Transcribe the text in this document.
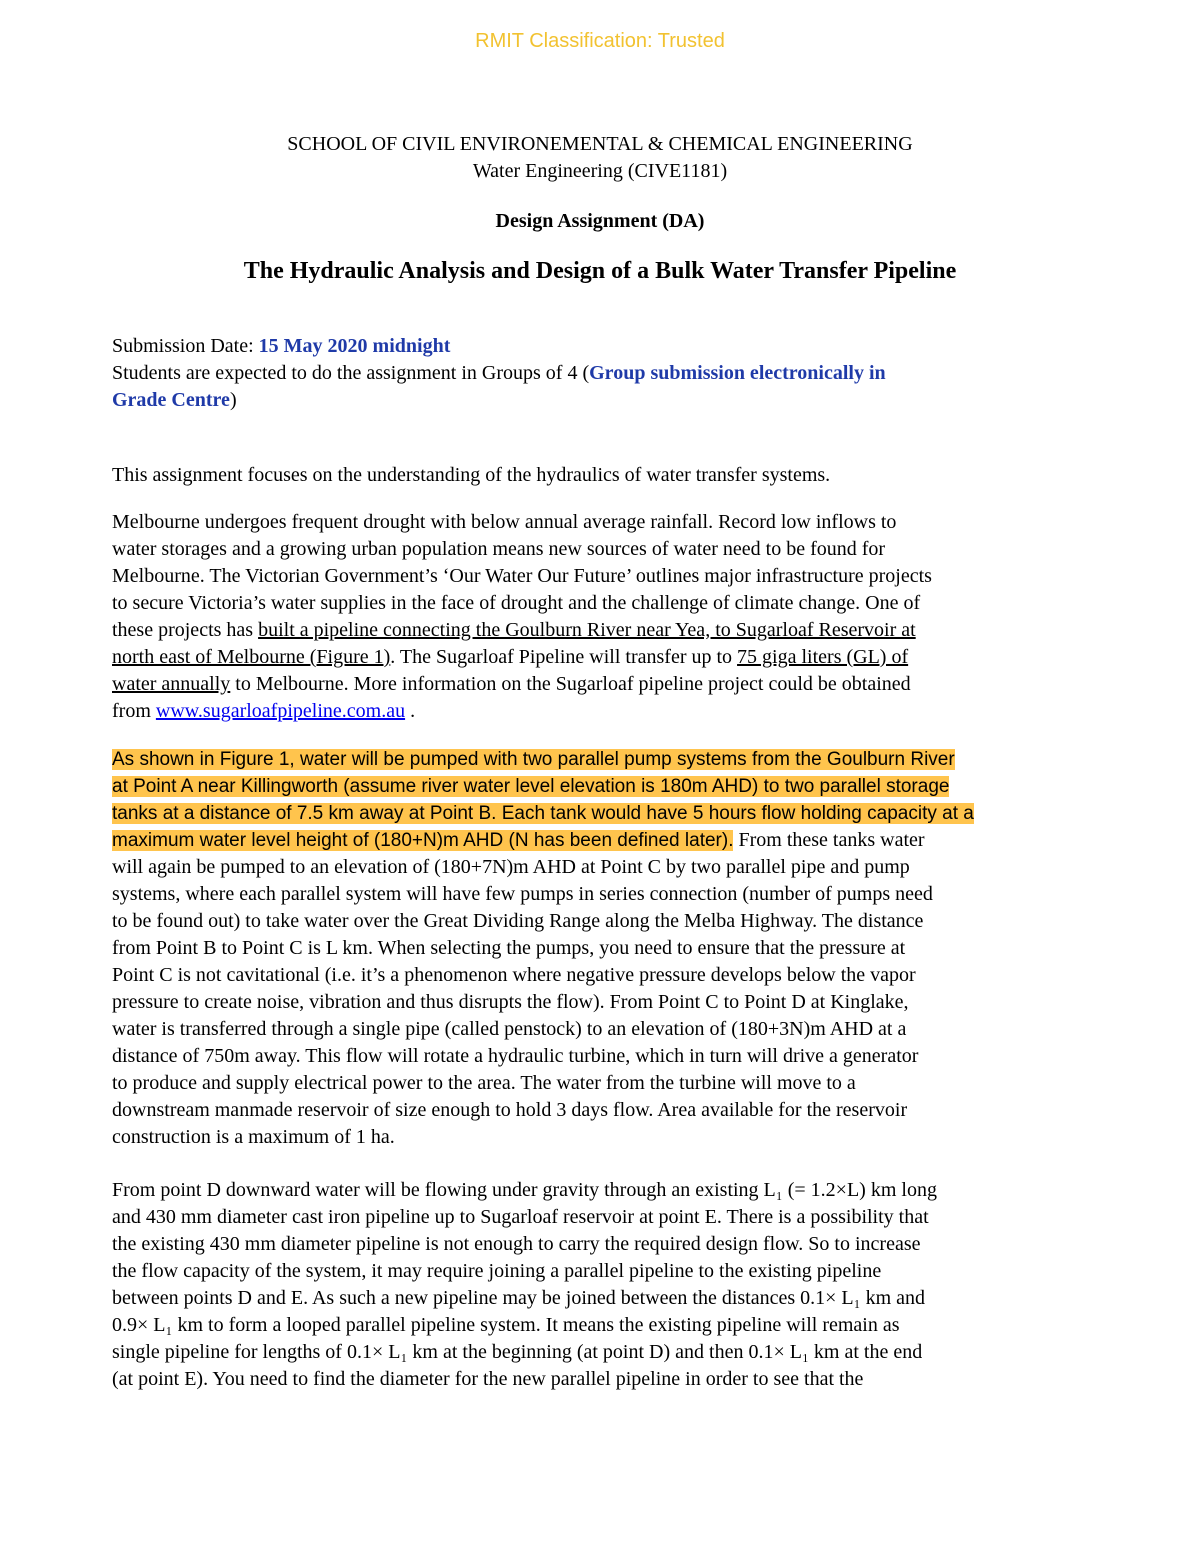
RMIT Classification: Trusted
SCHOOL OF CIVIL ENVIRONEMENTAL & CHEMICAL ENGINEERING
Water Engineering (CIVE1181)
Design Assignment (DA)
The Hydraulic Analysis and Design of a Bulk Water Transfer Pipeline
Submission Date: 15 May 2020 midnight
Students are expected to do the assignment in Groups of 4 (Group submission electronically in
Grade Centre)
This assignment focuses on the understanding of the hydraulics of water transfer systems.
Melbourne undergoes frequent drought with below annual average rainfall. Record low inflows to
water storages and a growing urban population means new sources of water need to be found for
Melbourne. The Victorian Government’s ‘Our Water Our Future’ outlines major infrastructure projects
to secure Victoria’s water supplies in the face of drought and the challenge of climate change. One of
these projects has built a pipeline connecting the Goulburn River near Yea, to Sugarloaf Reservoir at
north east of Melbourne (Figure 1). The Sugarloaf Pipeline will transfer up to 75 giga liters (GL) of
water annually to Melbourne. More information on the Sugarloaf pipeline project could be obtained
from www.sugarloafpipeline.com.au .
As shown in Figure 1, water will be pumped with two parallel pump systems from the Goulburn River
at Point A near Killingworth (assume river water level elevation is 180m AHD) to two parallel storage
tanks at a distance of 7.5 km away at Point B. Each tank would have 5 hours flow holding capacity at a
maximum water level height of (180+N)m AHD (N has been defined later). From these tanks water
will again be pumped to an elevation of (180+7N)m AHD at Point C by two parallel pipe and pump
systems, where each parallel system will have few pumps in series connection (number of pumps need
to be found out) to take water over the Great Dividing Range along the Melba Highway. The distance
from Point B to Point C is L km. When selecting the pumps, you need to ensure that the pressure at
Point C is not cavitational (i.e. it’s a phenomenon where negative pressure develops below the vapor
pressure to create noise, vibration and thus disrupts the flow). From Point C to Point D at Kinglake,
water is transferred through a single pipe (called penstock) to an elevation of (180+3N)m AHD at a
distance of 750m away. This flow will rotate a hydraulic turbine, which in turn will drive a generator
to produce and supply electrical power to the area. The water from the turbine will move to a
downstream manmade reservoir of size enough to hold 3 days flow. Area available for the reservoir
construction is a maximum of 1 ha.
From point D downward water will be flowing under gravity through an existing L₁ (= 1.2×L) km long
and 430 mm diameter cast iron pipeline up to Sugarloaf reservoir at point E. There is a possibility that
the existing 430 mm diameter pipeline is not enough to carry the required design flow. So to increase
the flow capacity of the system, it may require joining a parallel pipeline to the existing pipeline
between points D and E. As such a new pipeline may be joined between the distances 0.1× L₁ km and
0.9× L₁ km to form a looped parallel pipeline system. It means the existing pipeline will remain as
single pipeline for lengths of 0.1× L₁ km at the beginning (at point D) and then 0.1× L₁ km at the end
(at point E). You need to find the diameter for the new parallel pipeline in order to see that the
